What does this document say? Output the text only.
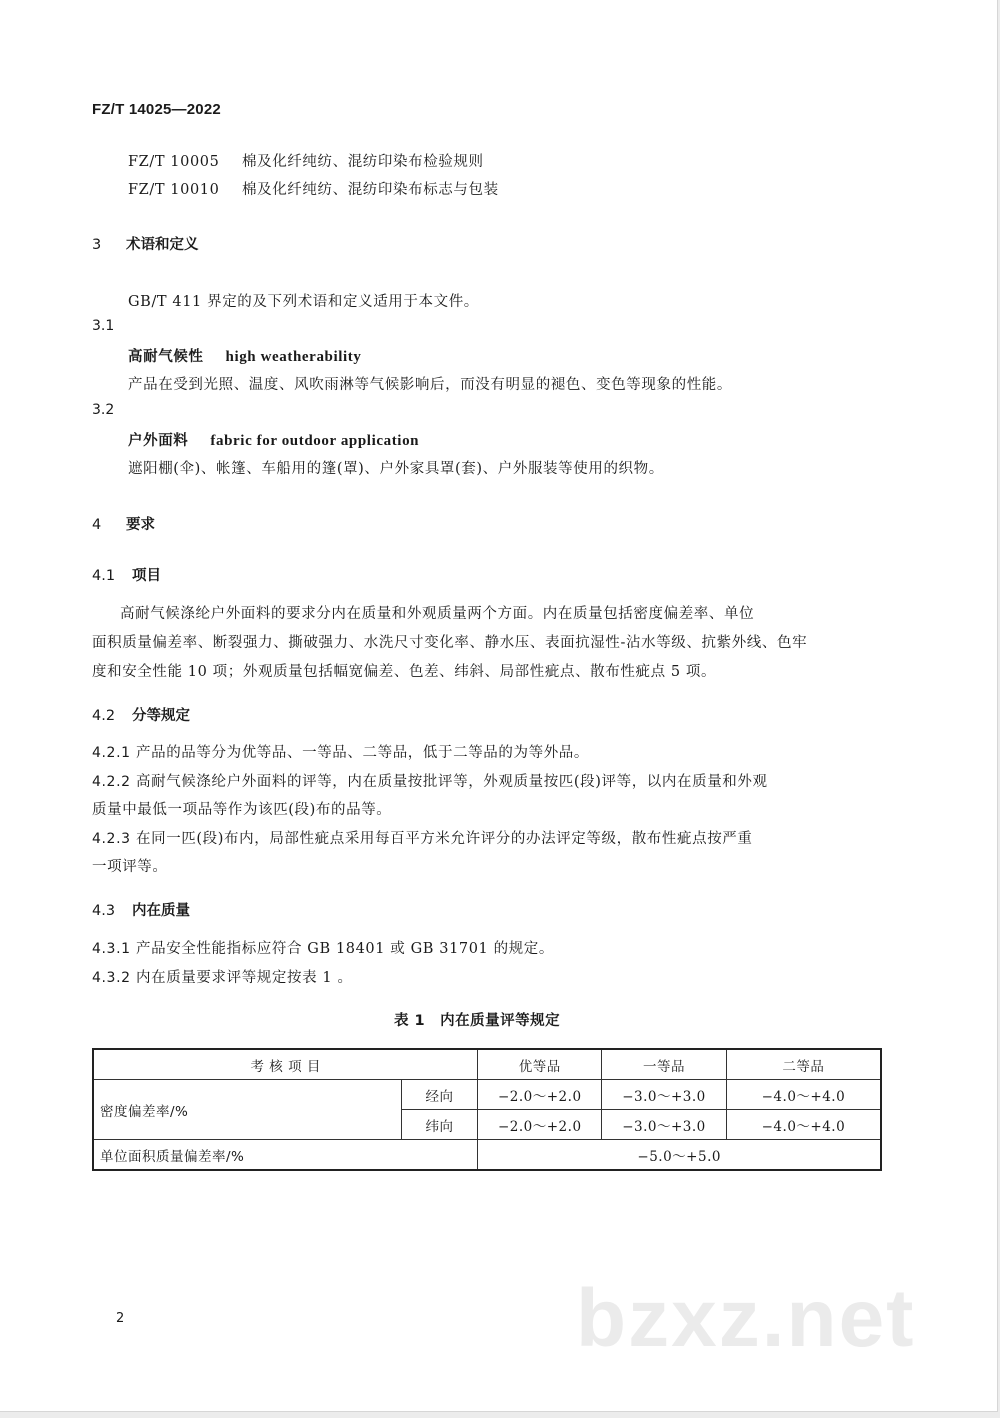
FZ/T 14025—2022
FZ/T 10005 棉及化纤纯纺、混纺印染布检验规则
FZ/T 10010 棉及化纤纯纺、混纺印染布标志与包装
3 术语和定义
GB/T 411 界定的及下列术语和定义适用于本文件。
3.1
高耐气候性 high weatherability
产品在受到光照、温度、风吹雨淋等气候影响后，而没有明显的褪色、变色等现象的性能。
3.2
户外面料 fabric for outdoor application
遮阳棚(伞)、帐篷、车船用的篷(罩)、户外家具罩(套)、户外服装等使用的织物。
4 要求
4.1 项目
高耐气候涤纶户外面料的要求分内在质量和外观质量两个方面。内在质量包括密度偏差率、单位
面积质量偏差率、断裂强力、撕破强力、水洗尺寸变化率、静水压、表面抗湿性-沾水等级、抗紫外线、色牢
度和安全性能 10 项；外观质量包括幅宽偏差、色差、纬斜、局部性疵点、散布性疵点 5 项。
4.2 分等规定
4.2.1 产品的品等分为优等品、一等品、二等品，低于二等品的为等外品。
4.2.2 高耐气候涤纶户外面料的评等，内在质量按批评等，外观质量按匹(段)评等，以内在质量和外观
质量中最低一项品等作为该匹(段)布的品等。
4.2.3 在同一匹(段)布内，局部性疵点采用每百平方米允许评分的办法评定等级，散布性疵点按严重
一项评等。
4.3 内在质量
4.3.1 产品安全性能指标应符合 GB 18401 或 GB 31701 的规定。
4.3.2 内在质量要求评等规定按表 1 。
表 1　内在质量评等规定
考 核 项 目		优等品	一等品	二等品
密度偏差率/%	经向	−2.0～+2.0	−3.0～+3.0	−4.0～+4.0
	纬向	−2.0～+2.0	−3.0～+3.0	−4.0～+4.0
单位面积质量偏差率/%		−5.0～+5.0		
bzxz.net
2
